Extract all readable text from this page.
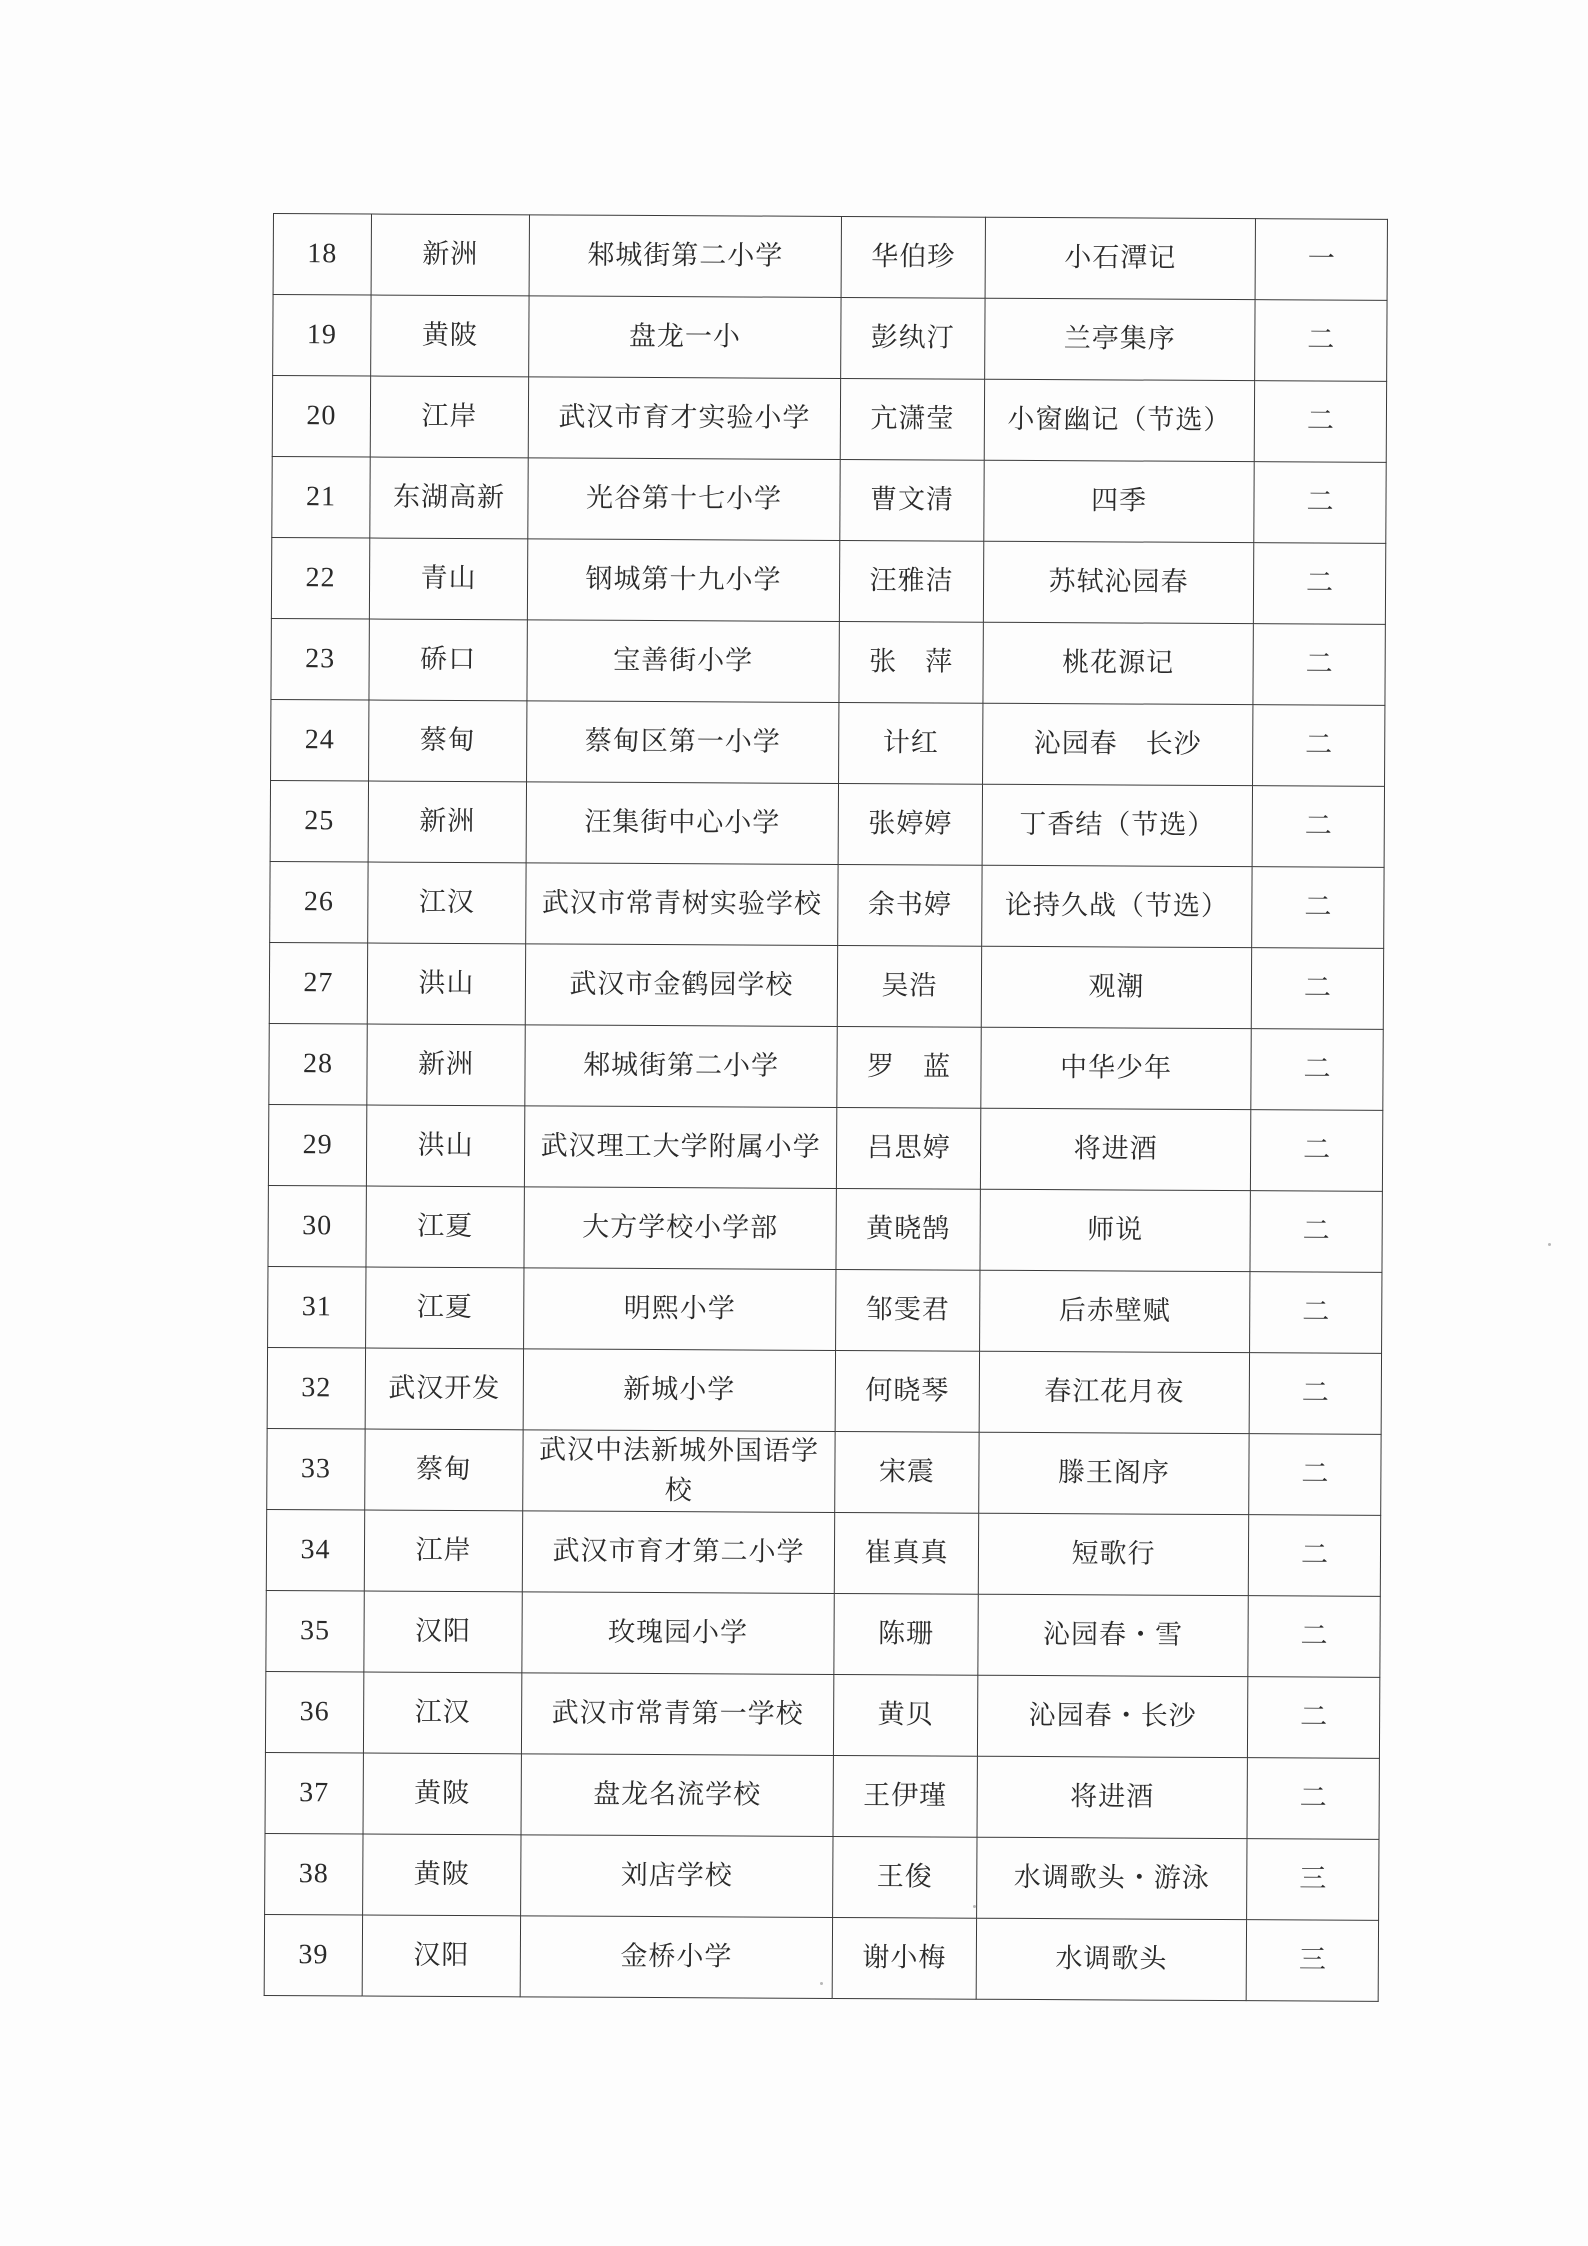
18	新洲	邾城街第二小学	华伯珍	小石潭记	一
19	黄陂	盘龙一小	彭纨汀	兰亭集序	二
20	江岸	武汉市育才实验小学	亢潇莹	小窗幽记（节选）	二
21	东湖高新	光谷第十七小学	曹文清	四季	二
22	青山	钢城第十九小学	汪雅洁	苏轼沁园春	二
23	硚口	宝善街小学	张　萍	桃花源记	二
24	蔡甸	蔡甸区第一小学	计红	沁园春　长沙	二
25	新洲	汪集街中心小学	张婷婷	丁香结（节选）	二
26	江汉	武汉市常青树实验学校	余书婷	论持久战（节选）	二
27	洪山	武汉市金鹤园学校	吴浩	观潮	二
28	新洲	邾城街第二小学	罗　蓝	中华少年	二
29	洪山	武汉理工大学附属小学	吕思婷	将进酒	二
30	江夏	大方学校小学部	黄晓鹄	师说	二
31	江夏	明熙小学	邹雯君	后赤壁赋	二
32	武汉开发	新城小学	何晓琴	春江花月夜	二
33	蔡甸	武汉中法新城外国语学校	宋震	滕王阁序	二
34	江岸	武汉市育才第二小学	崔真真	短歌行	二
35	汉阳	玫瑰园小学	陈珊	沁园春・雪	二
36	江汉	武汉市常青第一学校	黄贝	沁园春・长沙	二
37	黄陂	盘龙名流学校	王伊瑾	将进酒	二
38	黄陂	刘店学校	王俊	水调歌头・游泳	三
39	汉阳	金桥小学	谢小梅	水调歌头	三
